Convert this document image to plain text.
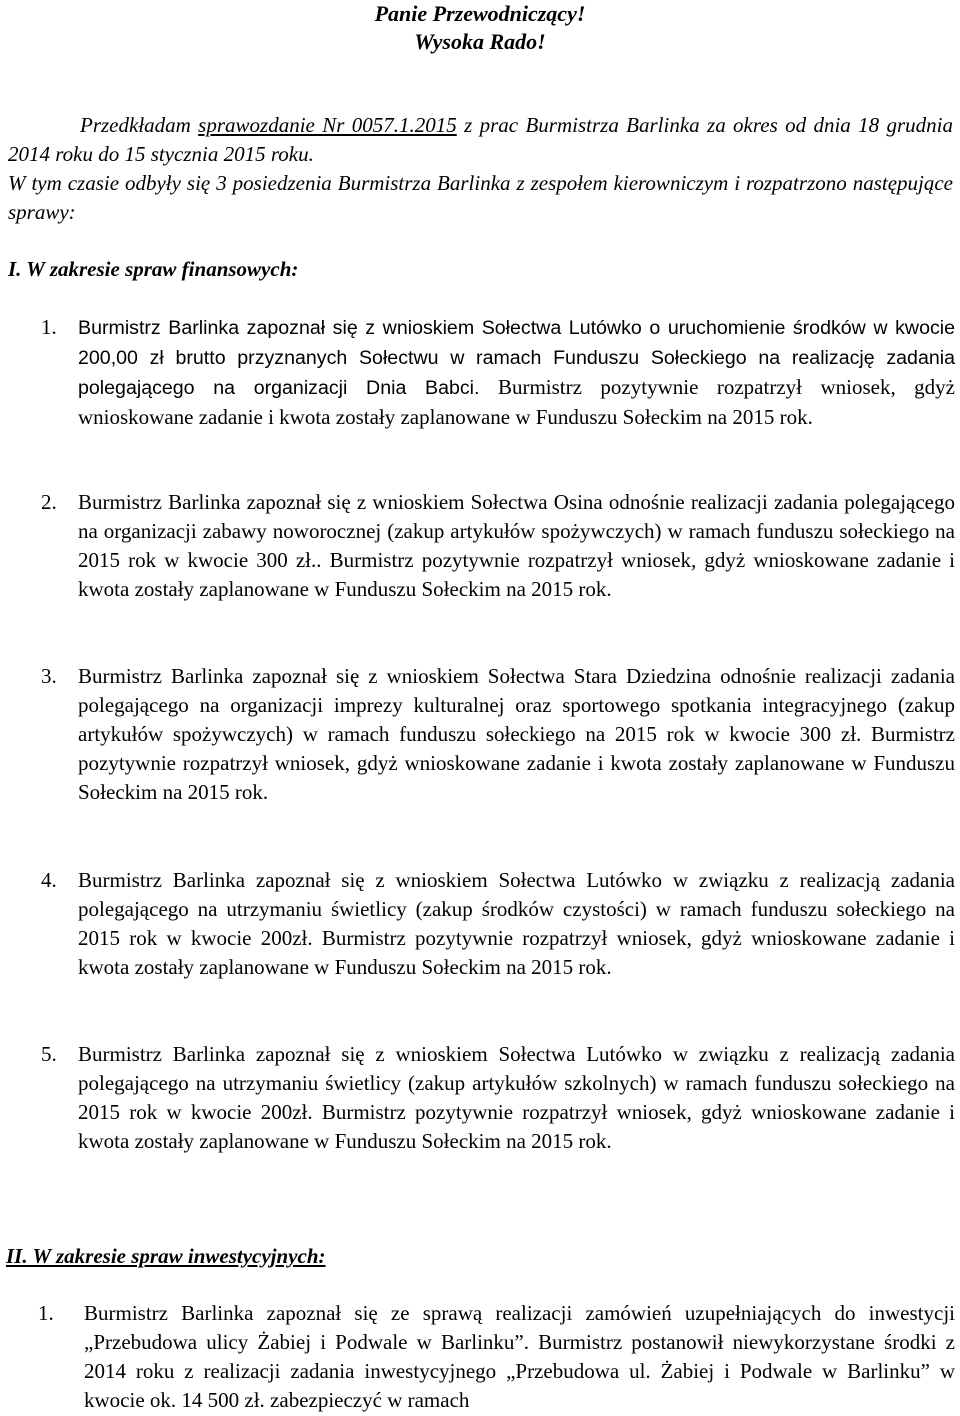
Panie Przewodniczący!

Wysoka Rado!

Przedkładam sprawozdanie Nr 0057.1.2015 z prac Burmistrza Barlinka za okres od dnia 18 grudnia 2014 roku do 15 stycznia 2015 roku.

W tym czasie odbyły się 3 posiedzenia Burmistrza Barlinka z zespołem kierowniczym i rozpatrzono następujące sprawy:

I. W zakresie spraw finansowych:

1. Burmistrz Barlinka zapoznał się z wnioskiem Sołectwa Lutówko o uruchomienie środków w kwocie 200,00 zł brutto przyznanych Sołectwu w ramach Funduszu Sołeckiego na realizację zadania polegającego na organizacji Dnia Babci. Burmistrz pozytywnie rozpatrzył wniosek, gdyż wnioskowane zadanie i kwota zostały zaplanowane w Funduszu Sołeckim na 2015 rok.
2. Burmistrz Barlinka zapoznał się z wnioskiem Sołectwa Osina odnośnie realizacji zadania polegającego na organizacji zabawy noworocznej (zakup artykułów spożywczych) w ramach funduszu sołeckiego na 2015 rok w kwocie 300 zł.. Burmistrz pozytywnie rozpatrzył wniosek, gdyż wnioskowane zadanie i kwota zostały zaplanowane w Funduszu Sołeckim na 2015 rok.
3. Burmistrz Barlinka zapoznał się z wnioskiem Sołectwa Stara Dziedzina odnośnie realizacji zadania polegającego na organizacji imprezy kulturalnej oraz sportowego spotkania integracyjnego (zakup artykułów spożywczych) w ramach funduszu sołeckiego na 2015 rok w kwocie 300 zł. Burmistrz pozytywnie rozpatrzył wniosek, gdyż wnioskowane zadanie i kwota zostały zaplanowane w Funduszu Sołeckim na 2015 rok.
4. Burmistrz Barlinka zapoznał się z wnioskiem Sołectwa Lutówko w związku z realizacją zadania polegającego na utrzymaniu świetlicy (zakup środków czystości) w ramach funduszu sołeckiego na 2015 rok w kwocie 200zł. Burmistrz pozytywnie rozpatrzył wniosek, gdyż wnioskowane zadanie i kwota zostały zaplanowane w Funduszu Sołeckim na 2015 rok.
5. Burmistrz Barlinka zapoznał się z wnioskiem Sołectwa Lutówko w związku z realizacją zadania polegającego na utrzymaniu świetlicy (zakup artykułów szkolnych) w ramach funduszu sołeckiego na 2015 rok w kwocie 200zł. Burmistrz pozytywnie rozpatrzył wniosek, gdyż wnioskowane zadanie i kwota zostały zaplanowane w Funduszu Sołeckim na 2015 rok.

II. W zakresie spraw inwestycyjnych:

1. Burmistrz Barlinka zapoznał się ze sprawą realizacji zamówień uzupełniających do inwestycji „Przebudowa ulicy Żabiej i Podwale w Barlinku”. Burmistrz postanowił niewykorzystane środki z 2014 roku z realizacji zadania inwestycyjnego „Przebudowa ul. Żabiej i Podwale w Barlinku” w kwocie ok. 14 500 zł. zabezpieczyć w ramach
